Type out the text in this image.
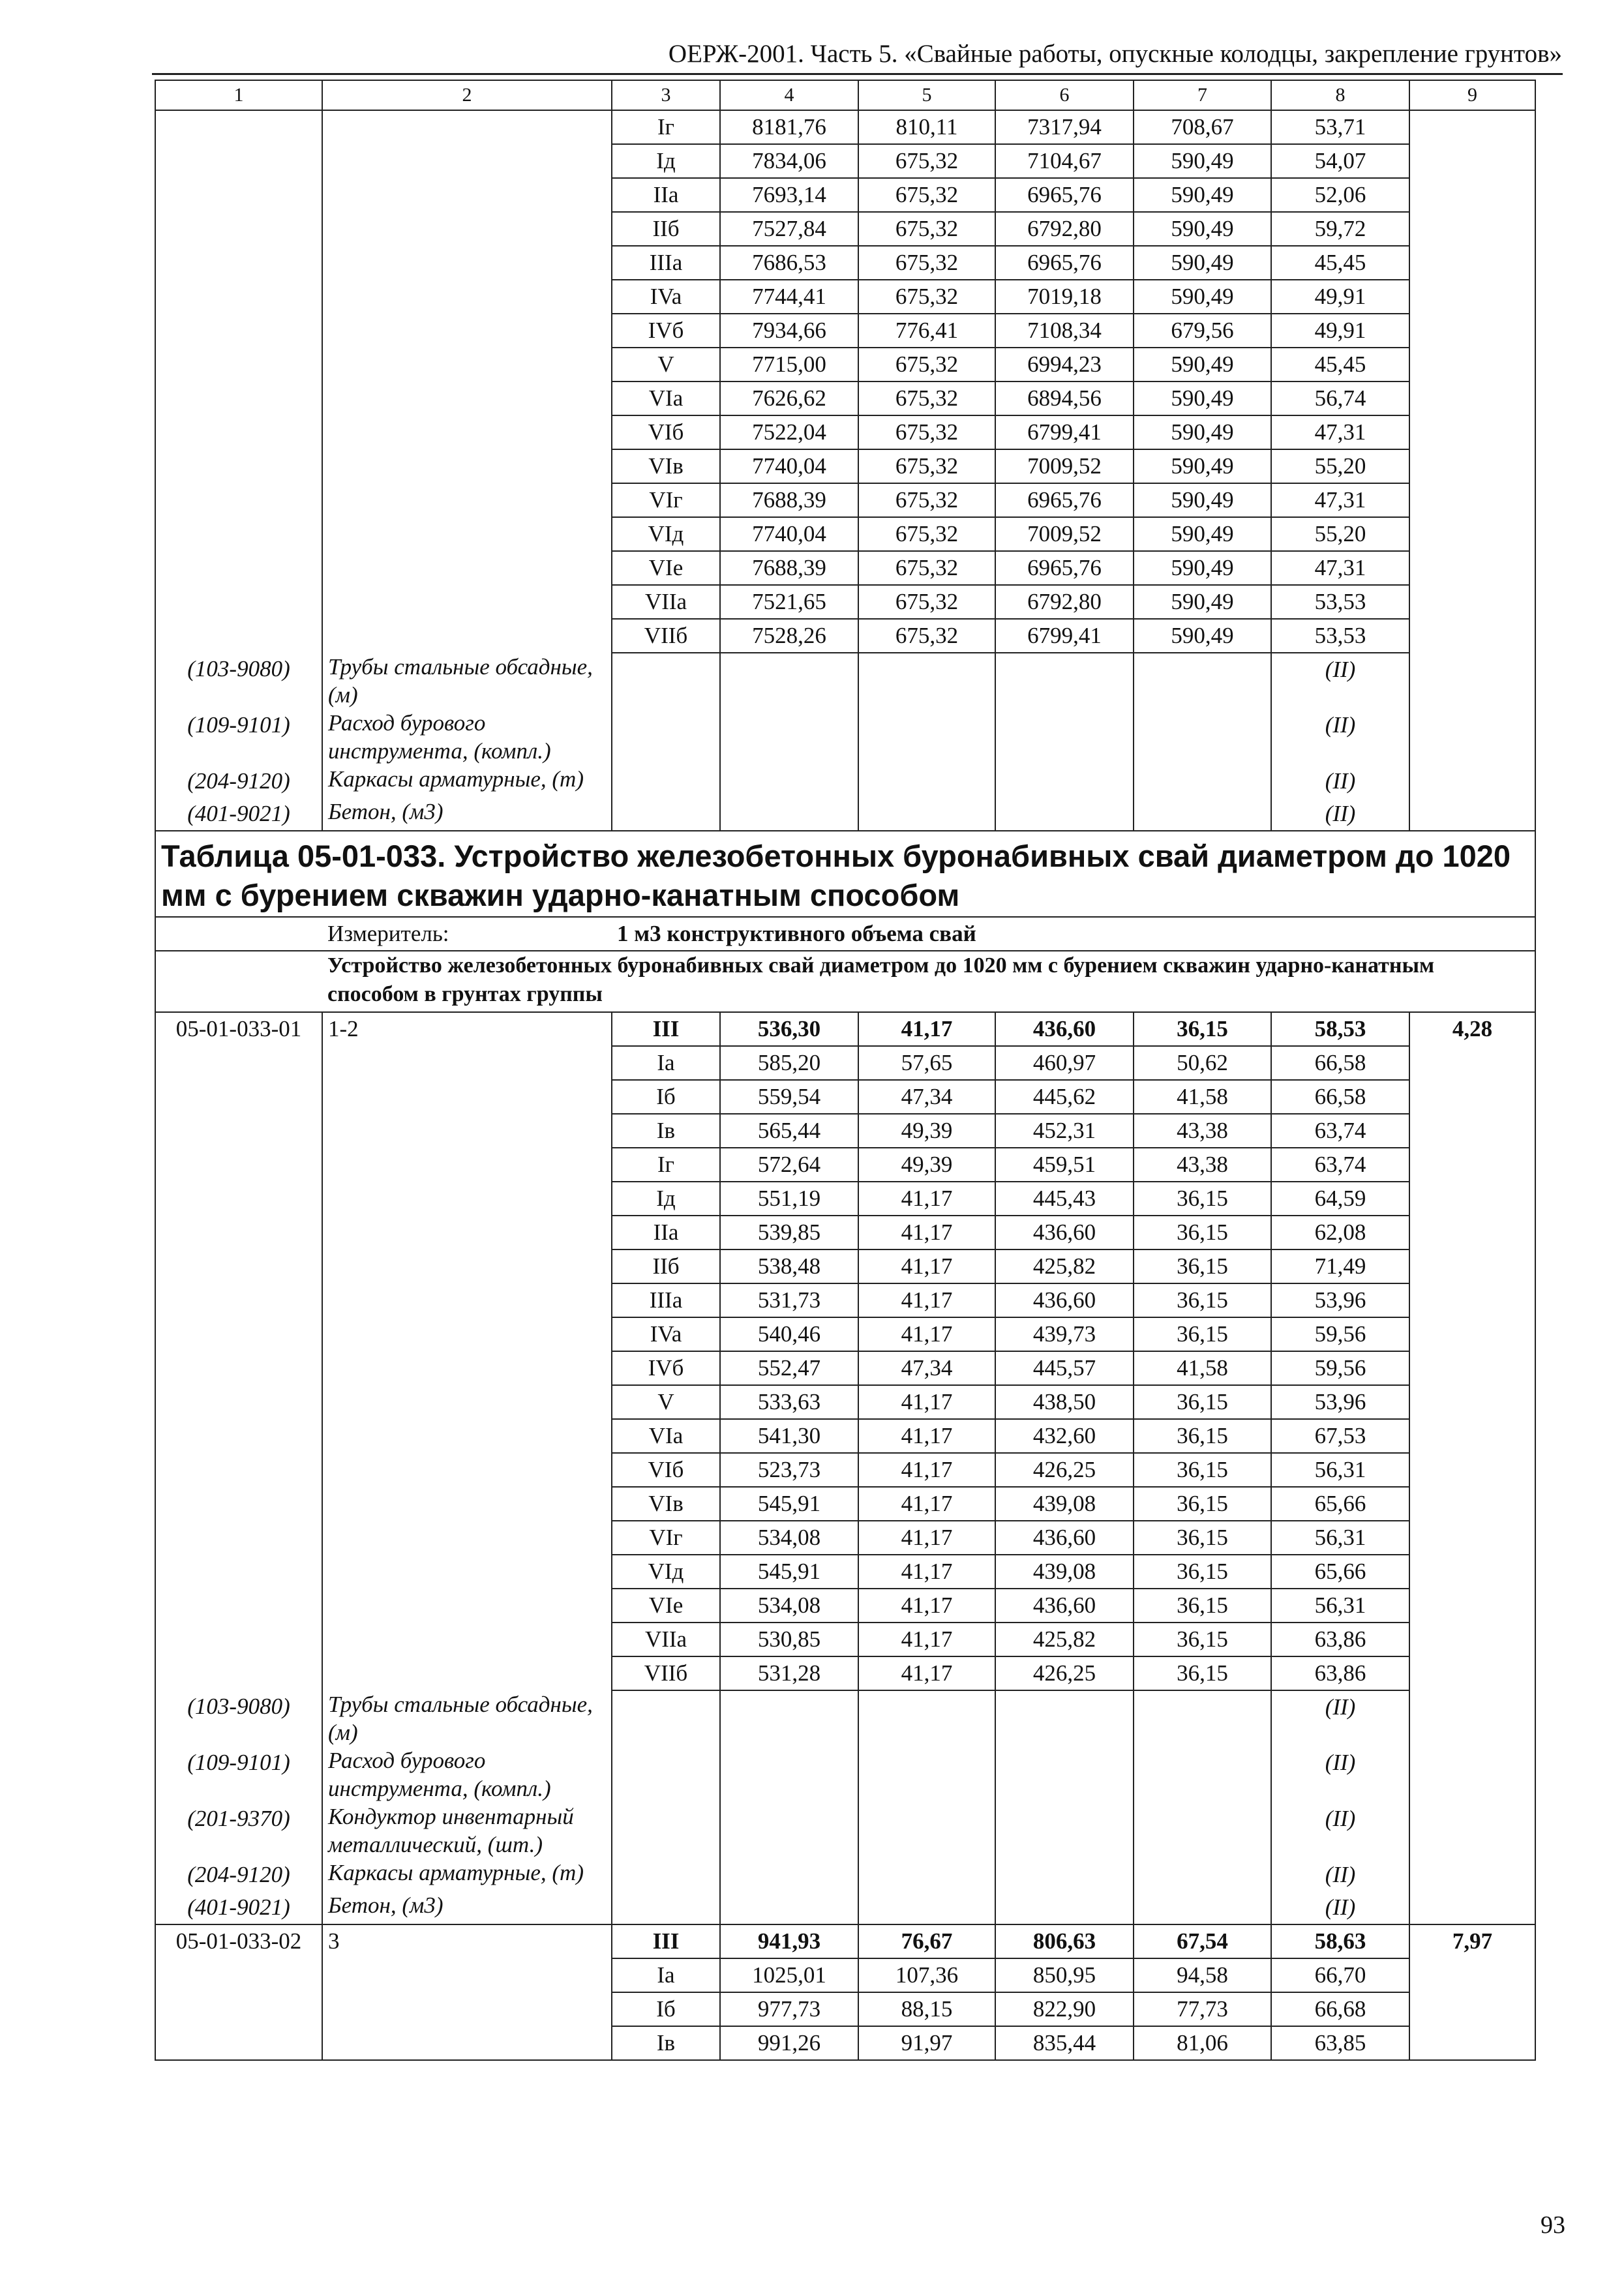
ОЕРЖ-2001. Часть 5. «Свайные работы, опускные колодцы, закрепление грунтов»
1	2	3	4	5	6	7	8	9
		Iг	8181,76	810,11	7317,94	708,67	53,71	
		Iд	7834,06	675,32	7104,67	590,49	54,07	
		IIa	7693,14	675,32	6965,76	590,49	52,06	
		IIб	7527,84	675,32	6792,80	590,49	59,72	
		IIIa	7686,53	675,32	6965,76	590,49	45,45	
		IVa	7744,41	675,32	7019,18	590,49	49,91	
		IVб	7934,66	776,41	7108,34	679,56	49,91	
		V	7715,00	675,32	6994,23	590,49	45,45	
		VIa	7626,62	675,32	6894,56	590,49	56,74	
		VIб	7522,04	675,32	6799,41	590,49	47,31	
		VIв	7740,04	675,32	7009,52	590,49	55,20	
		VIг	7688,39	675,32	6965,76	590,49	47,31	
		VIд	7740,04	675,32	7009,52	590,49	55,20	
		VIe	7688,39	675,32	6965,76	590,49	47,31	
		VIIa	7521,65	675,32	6792,80	590,49	53,53	
		VIIб	7528,26	675,32	6799,41	590,49	53,53	
(103-9080)	Трубы стальные обсадные, (м)						(II)	
(109-9101)	Расход бурового инструмента, (компл.)						(II)	
(204-9120)	Каркасы арматурные, (т)						(II)	
(401-9021)	Бетон, (м3)						(II)	
Таблица 05-01-033. Устройство железобетонных буронабивных свай диаметром до 1020 мм с бурением скважин ударно-канатным способом								
	Измеритель:	1 м3 конструктивного объема свай						
	Устройство железобетонных буронабивных свай диаметром до 1020 мм с бурением скважин ударно-канатным способом в грунтах группы							
05-01-033-01	1-2	III	536,30	41,17	436,60	36,15	58,53	4,28
		Ia	585,20	57,65	460,97	50,62	66,58	
		Iб	559,54	47,34	445,62	41,58	66,58	
		Iв	565,44	49,39	452,31	43,38	63,74	
		Iг	572,64	49,39	459,51	43,38	63,74	
		Iд	551,19	41,17	445,43	36,15	64,59	
		IIa	539,85	41,17	436,60	36,15	62,08	
		IIб	538,48	41,17	425,82	36,15	71,49	
		IIIa	531,73	41,17	436,60	36,15	53,96	
		IVa	540,46	41,17	439,73	36,15	59,56	
		IVб	552,47	47,34	445,57	41,58	59,56	
		V	533,63	41,17	438,50	36,15	53,96	
		VIa	541,30	41,17	432,60	36,15	67,53	
		VIб	523,73	41,17	426,25	36,15	56,31	
		VIв	545,91	41,17	439,08	36,15	65,66	
		VIг	534,08	41,17	436,60	36,15	56,31	
		VIд	545,91	41,17	439,08	36,15	65,66	
		VIe	534,08	41,17	436,60	36,15	56,31	
		VIIa	530,85	41,17	425,82	36,15	63,86	
		VIIб	531,28	41,17	426,25	36,15	63,86	
(103-9080)	Трубы стальные обсадные, (м)						(II)	
(109-9101)	Расход бурового инструмента, (компл.)						(II)	
(201-9370)	Кондуктор инвентарный металлический, (шт.)						(II)	
(204-9120)	Каркасы арматурные, (т)						(II)	
(401-9021)	Бетон, (м3)						(II)	
05-01-033-02	3	III	941,93	76,67	806,63	67,54	58,63	7,97
		Ia	1025,01	107,36	850,95	94,58	66,70	
		Iб	977,73	88,15	822,90	77,73	66,68	
		Iв	991,26	91,97	835,44	81,06	63,85	
93
